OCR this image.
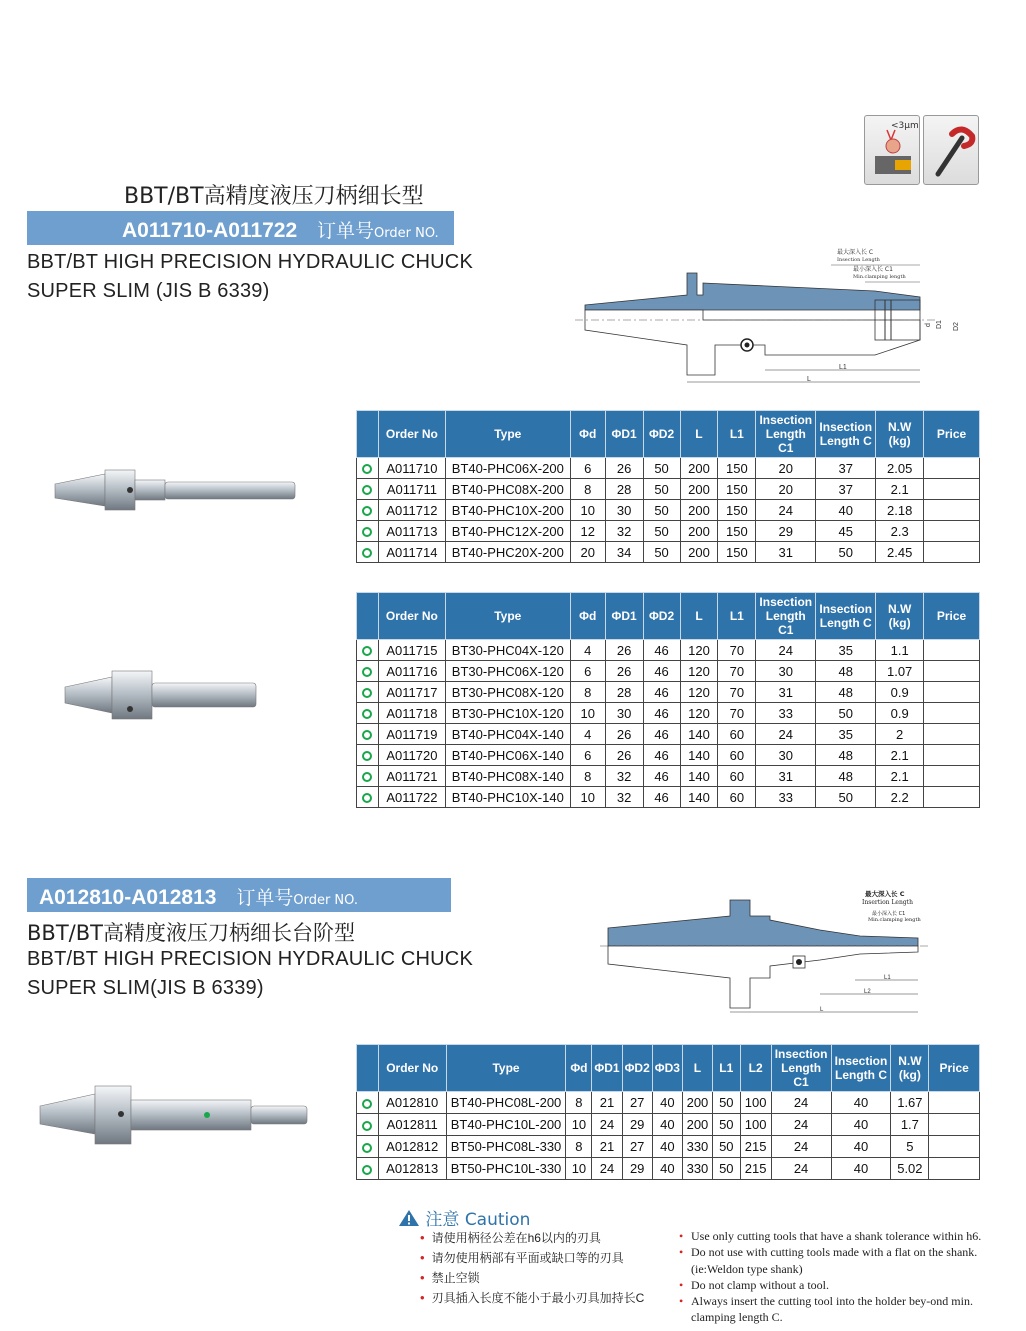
<3μm
BBT/BT高精度液压刀柄细长型
A011710-A011722 订单号Order NO.
BBT/BT HIGH PRECISION HYDRAULIC CHUCK
SUPER SLIM (JIS B 6339)
最大深入长 C
Insection Length
最小深入长 C1
Min.clamping length
d D1 D2
L1
L
	Order No	Type	Φd	ΦD1	ΦD2	L	L1	Insection Length C1	Insection Length C	N.W (kg)	Price
	A011710	BT40-PHC06X-200	6	26	50	200	150	20	37	2.05	
	A011711	BT40-PHC08X-200	8	28	50	200	150	20	37	2.1	
	A011712	BT40-PHC10X-200	10	30	50	200	150	24	40	2.18	
	A011713	BT40-PHC12X-200	12	32	50	200	150	29	45	2.3	
	A011714	BT40-PHC20X-200	20	34	50	200	150	31	50	2.45	
	Order No	Type	Φd	ΦD1	ΦD2	L	L1	Insection Length C1	Insection Length C	N.W (kg)	Price
	A011715	BT30-PHC04X-120	4	26	46	120	70	24	35	1.1	
	A011716	BT30-PHC06X-120	6	26	46	120	70	30	48	1.07	
	A011717	BT30-PHC08X-120	8	28	46	120	70	31	48	0.9	
	A011718	BT30-PHC10X-120	10	30	46	120	70	33	50	0.9	
	A011719	BT40-PHC04X-140	4	26	46	140	60	24	35	2	
	A011720	BT40-PHC06X-140	6	26	46	140	60	30	48	2.1	
	A011721	BT40-PHC08X-140	8	32	46	140	60	31	48	2.1	
	A011722	BT40-PHC10X-140	10	32	46	140	60	33	50	2.2	
A012810-A012813 订单号Order NO.
BBT/BT高精度液压刀柄细长台阶型
BBT/BT HIGH PRECISION HYDRAULIC CHUCK
SUPER SLIM(JIS B 6339)
最大深入长 C
Insertion Length
最小深入长 C1
Min.clamping length
L1
L2
L
	Order No	Type	Φd	ΦD1	ΦD2	ΦD3	L	L1	L2	Insection Length C1	Insection Length C	N.W (kg)	Price
	A012810	BT40-PHC08L-200	8	21	27	40	200	50	100	24	40	1.67	
	A012811	BT40-PHC10L-200	10	24	29	40	200	50	100	24	40	1.7	
	A012812	BT50-PHC08L-330	8	21	27	40	330	50	215	24	40	5	
	A012813	BT50-PHC10L-330	10	24	29	40	330	50	215	24	40	5.02	
注意 Caution
• 请使用柄径公差在h6以内的刃具
• 请勿使用柄部有平面或缺口等的刃具
• 禁止空锁
• 刃具插入长度不能小于最小刃具加持长C
• Use only cutting tools that have a shank tolerance within h6.
• Do not use with cutting tools made with a flat on the shank.(ie:Weldon type shank)
• Do not clamp without a tool.
• Always insert the cutting tool into the holder bey-ond min. clamping length C.
